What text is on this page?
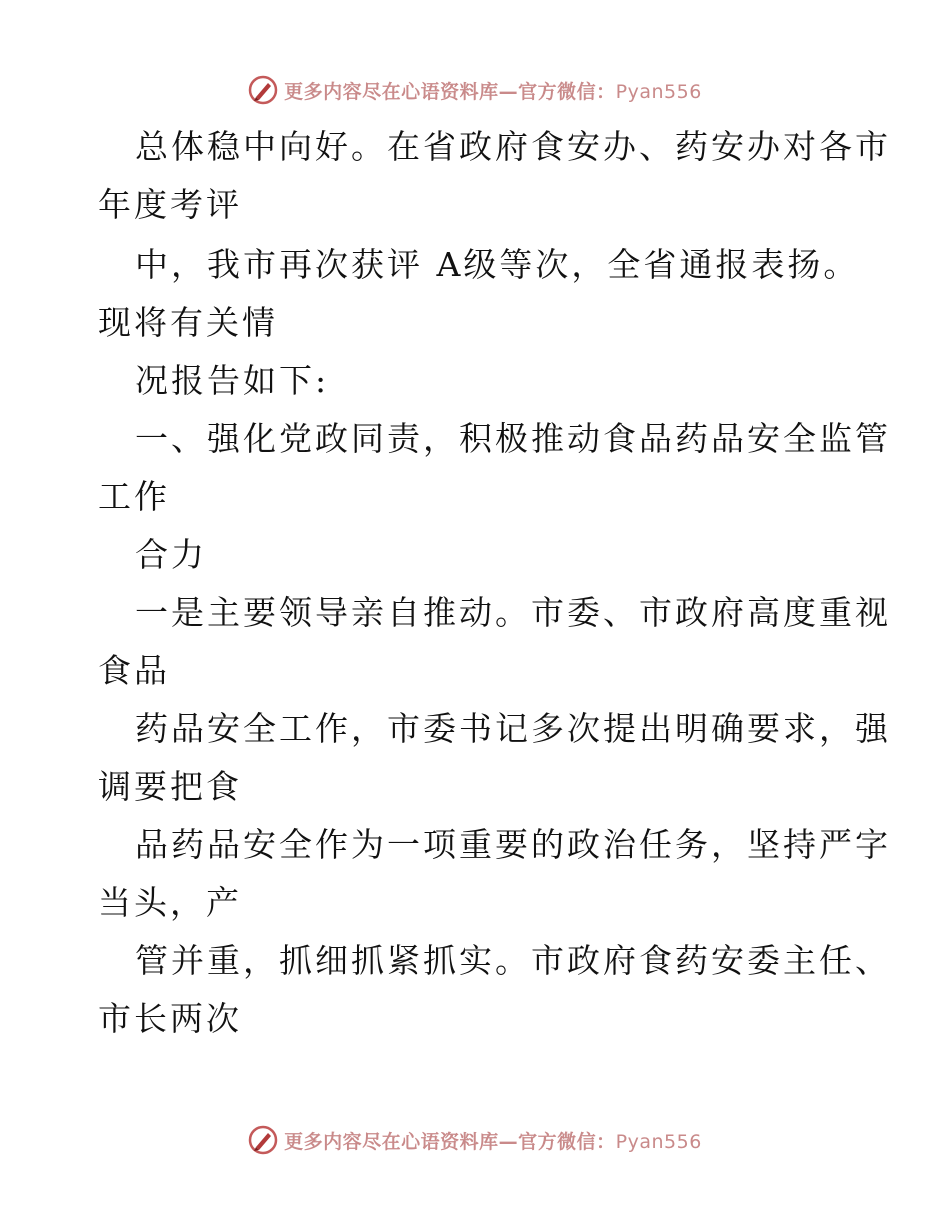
更多内容尽在心语资料库—官方微信：Pyan556
总体稳中向好。在省政府食安办、药安办对各市
年度考评
中，我市再次获评 A级等次，全省通报表扬。
现将有关情
况报告如下:
一、强化党政同责，积极推动食品药品安全监管
工作
合力
一是主要领导亲自推动。市委、市政府高度重视
食品
药品安全工作，市委书记多次提出明确要求，强
调要把食
品药品安全作为一项重要的政治任务，坚持严字
当头，产
管并重，抓细抓紧抓实。市政府食药安委主任、
市长两次
更多内容尽在心语资料库—官方微信：Pyan556
